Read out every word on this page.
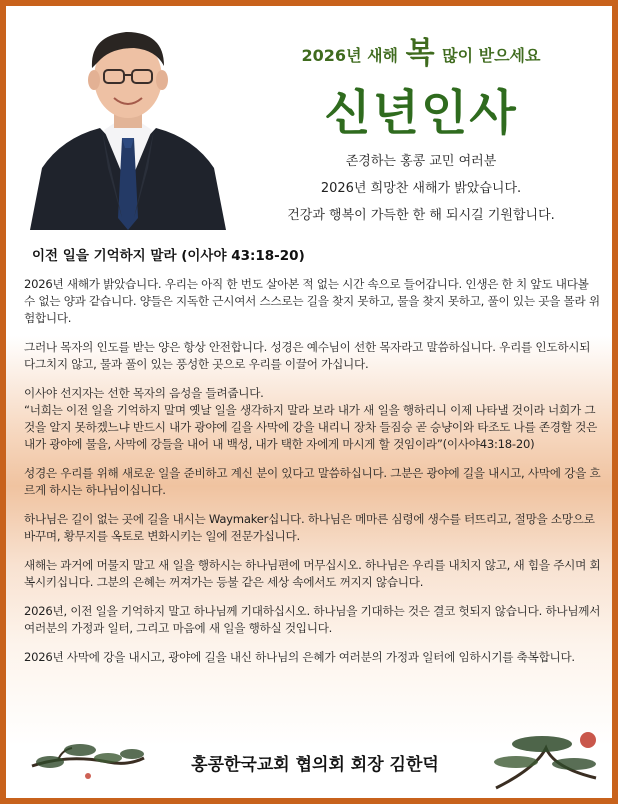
2026년 새해 복 많이 받으세요
신년인사
존경하는 홍콩 교민 여러분
2026년 희망찬 새해가 밝았습니다.
건강과 행복이 가득한 한 해 되시길 기원합니다.
이전 일을 기억하지 말라 (이사야 43:18-20)

2026년 새해가 밝았습니다. 우리는 아직 한 번도 살아본 적 없는 시간 속으로 들어갑니다. 인생은 한 치 앞도 내다볼 수 없는 양과 같습니다. 양들은 지독한 근시여서 스스로는 길을 찾지 못하고, 물을 찾지 못하고, 풀이 있는 곳을 몰라 위험합니다.

그러나 목자의 인도를 받는 양은 항상 안전합니다. 성경은 예수님이 선한 목자라고 말씀하십니다. 우리를 인도하시되 다그치지 않고, 물과 풀이 있는 풍성한 곳으로 우리를 이끌어 가십니다.

이사야 선지자는 선한 목자의 음성을 들려줍니다.

“너희는 이전 일을 기억하지 말며 옛날 일을 생각하지 말라 보라 내가 새 일을 행하리니 이제 나타낼 것이라 너희가 그것을 알지 못하겠느냐 반드시 내가 광야에 길을 사막에 강을 내리니 장차 들짐승 곧 승냥이와 타조도 나를 존경할 것은 내가 광야에 물을, 사막에 강들을 내어 내 백성, 내가 택한 자에게 마시게 할 것임이라”(이사야43:18-20)

성경은 우리를 위해 새로운 일을 준비하고 계신 분이 있다고 말씀하십니다. 그분은 광야에 길을 내시고, 사막에 강을 흐르게 하시는 하나님이십니다.

하나님은 길이 없는 곳에 길을 내시는 Waymaker십니다. 하나님은 메마른 심령에 생수를 터뜨리고, 절망을 소망으로 바꾸며, 황무지를 옥토로 변화시키는 일에 전문가십니다.

새해는 과거에 머물지 말고 새 일을 행하시는 하나님편에 머무십시오. 하나님은 우리를 내치지 않고, 새 힘을 주시며 회복시키십니다. 그분의 은혜는 꺼져가는 등불 같은 세상 속에서도 꺼지지 않습니다.

2026년, 이전 일을 기억하지 말고 하나님께 기대하십시오. 하나님을 기대하는 것은 결코 헛되지 않습니다. 하나님께서 여러분의 가정과 일터, 그리고 마음에 새 일을 행하실 것입니다.

2026년 사막에 강을 내시고, 광야에 길을 내신 하나님의 은혜가 여러분의 가정과 일터에 임하시기를 축복합니다.

홍콩한국교회 협의회 회장 김한덕
